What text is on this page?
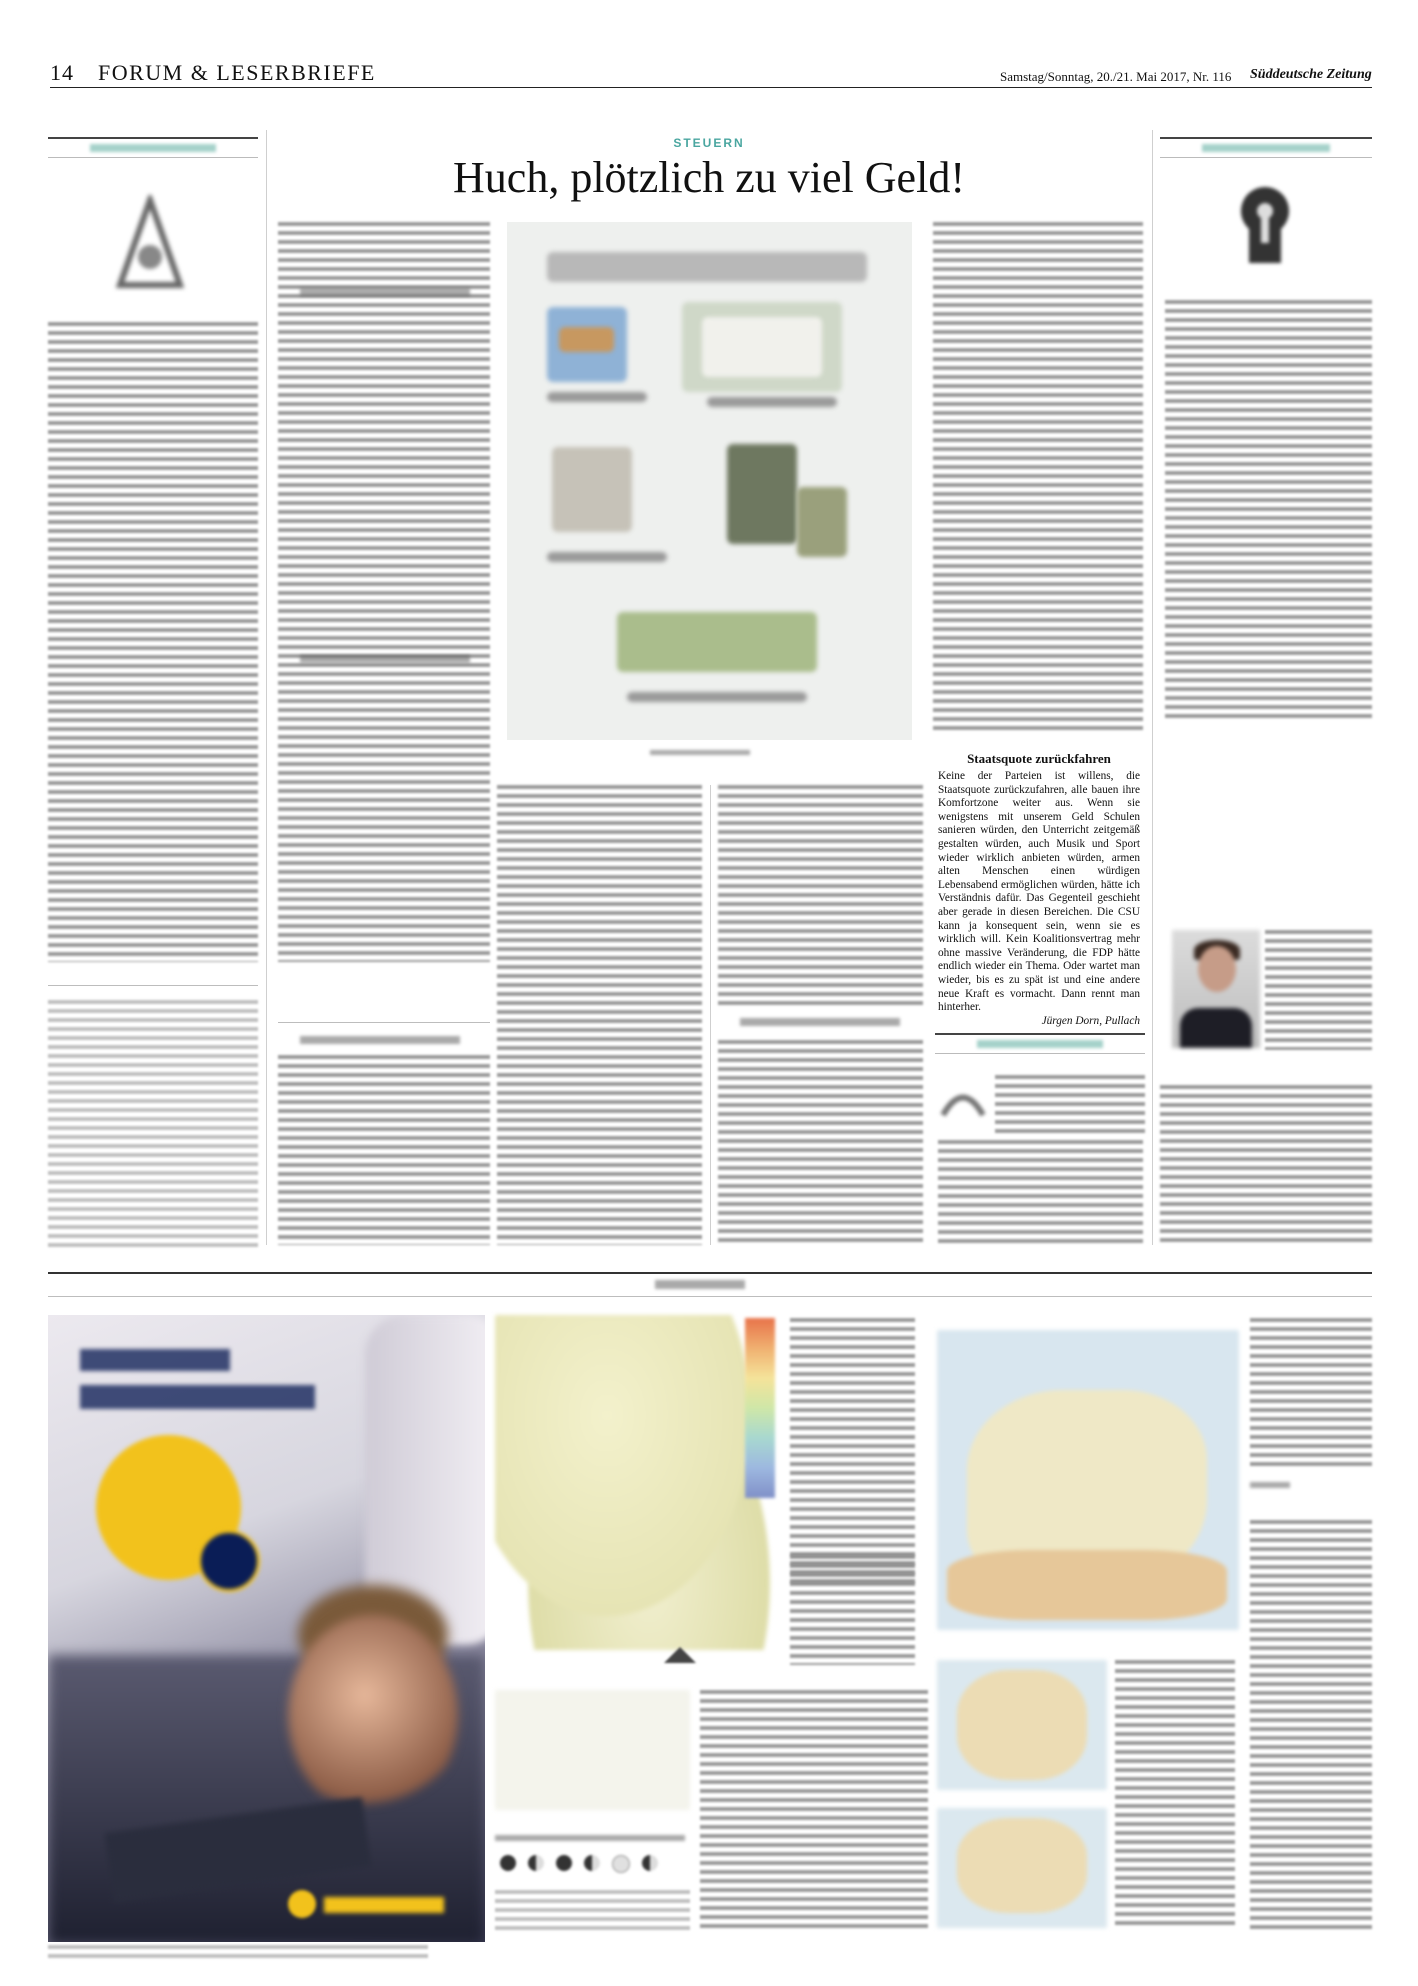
14 FORUM & LESERBRIEFE	Samstag/Sonntag, 20./21. Mai 2017, Nr. 116 Süddeutsche Zeitung
STEUERN
Huch, plötzlich zu viel Geld!
Staatsquote zurückfahren
Keine der Parteien ist willens, die Staatsquote zurückzufahren, alle bauen ihre Komfortzone weiter aus. Wenn sie wenigstens mit unserem Geld Schulen sanieren würden, den Unterricht zeitgemäß gestalten würden, auch Musik und Sport wieder wirklich anbieten würden, armen alten Menschen einen würdigen Lebensabend ermöglichen würden, hätte ich Verständnis dafür. Das Gegenteil geschieht aber gerade in diesen Bereichen. Die CSU kann ja konsequent sein, wenn sie es wirklich will. Kein Koalitionsvertrag mehr ohne massive Veränderung, die FDP hätte endlich wieder ein Thema. Oder wartet man wieder, bis es zu spät ist und eine andere neue Kraft es vormacht. Dann rennt man hinterher.
Jürgen Dorn, Pullach
